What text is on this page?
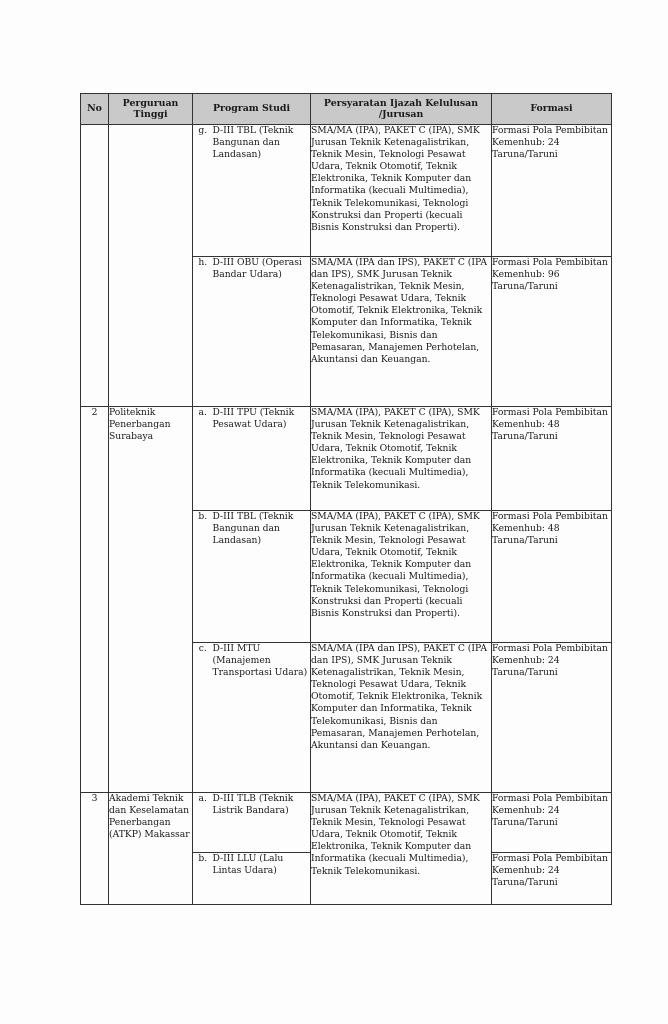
No	Perguruan Tinggi	Program Studi		Persyaratan Ijazah Kelulusan /Jurusan	Formasi
		g.	D-III TBL (Teknik Bangunan dan Landasan)	SMA/MA (IPA), PAKET C (IPA), SMK Jurusan Teknik Ketenagalistrikan, Teknik Mesin, Teknologi Pesawat Udara, Teknik Otomotif, Teknik Elektronika, Teknik Komputer dan Informatika (kecuali Multimedia), Teknik Telekomunikasi, Teknologi Konstruksi dan Properti (kecuali Bisnis Konstruksi dan Properti).	Formasi Pola Pembibitan Kemenhub: 24 Taruna/Taruni
		h.	D-III OBU (Operasi Bandar Udara)	SMA/MA (IPA dan IPS), PAKET C (IPA dan IPS), SMK Jurusan Teknik Ketenagalistrikan, Teknik Mesin, Teknologi Pesawat Udara, Teknik Otomotif, Teknik Elektronika, Teknik Komputer dan Informatika, Teknik Telekomunikasi, Bisnis dan Pemasaran, Manajemen Perhotelan, Akuntansi dan Keuangan.	Formasi Pola Pembibitan Kemenhub: 96 Taruna/Taruni
2	Politeknik Penerbangan Surabaya	a.	D-III TPU (Teknik Pesawat Udara)	SMA/MA (IPA), PAKET C (IPA), SMK Jurusan Teknik Ketenagalistrikan, Teknik Mesin, Teknologi Pesawat Udara, Teknik Otomotif, Teknik Elektronika, Teknik Komputer dan Informatika (kecuali Multimedia), Teknik Telekomunikasi.	Formasi Pola Pembibitan Kemenhub: 48 Taruna/Taruni
		b.	D-III TBL (Teknik Bangunan dan Landasan)	SMA/MA (IPA), PAKET C (IPA), SMK Jurusan Teknik Ketenagalistrikan, Teknik Mesin, Teknologi Pesawat Udara, Teknik Otomotif, Teknik Elektronika, Teknik Komputer dan Informatika (kecuali Multimedia), Teknik Telekomunikasi, Teknologi Konstruksi dan Properti (kecuali Bisnis Konstruksi dan Properti).	Formasi Pola Pembibitan Kemenhub: 48 Taruna/Taruni
		c.	D-III MTU (Manajemen Transportasi Udara)	SMA/MA (IPA dan IPS), PAKET C (IPA dan IPS), SMK Jurusan Teknik Ketenagalistrikan, Teknik Mesin, Teknologi Pesawat Udara, Teknik Otomotif, Teknik Elektronika, Teknik Komputer dan Informatika, Teknik Telekomunikasi, Bisnis dan Pemasaran, Manajemen Perhotelan, Akuntansi dan Keuangan.	Formasi Pola Pembibitan Kemenhub: 24 Taruna/Taruni
3	Akademi Teknik dan Keselamatan Penerbangan (ATKP) Makassar	a.	D-III TLB (Teknik Listrik Bandara)	SMA/MA (IPA), PAKET C (IPA), SMK Jurusan Teknik Ketenagalistrikan, Teknik Mesin, Teknologi Pesawat Udara, Teknik Otomotif, Teknik Elektronika, Teknik Komputer dan Informatika (kecuali Multimedia), Teknik Telekomunikasi.	Formasi Pola Pembibitan Kemenhub: 24 Taruna/Taruni
		b.	D-III LLU (Lalu Lintas Udara)		Formasi Pola Pembibitan Kemenhub: 24 Taruna/Taruni
